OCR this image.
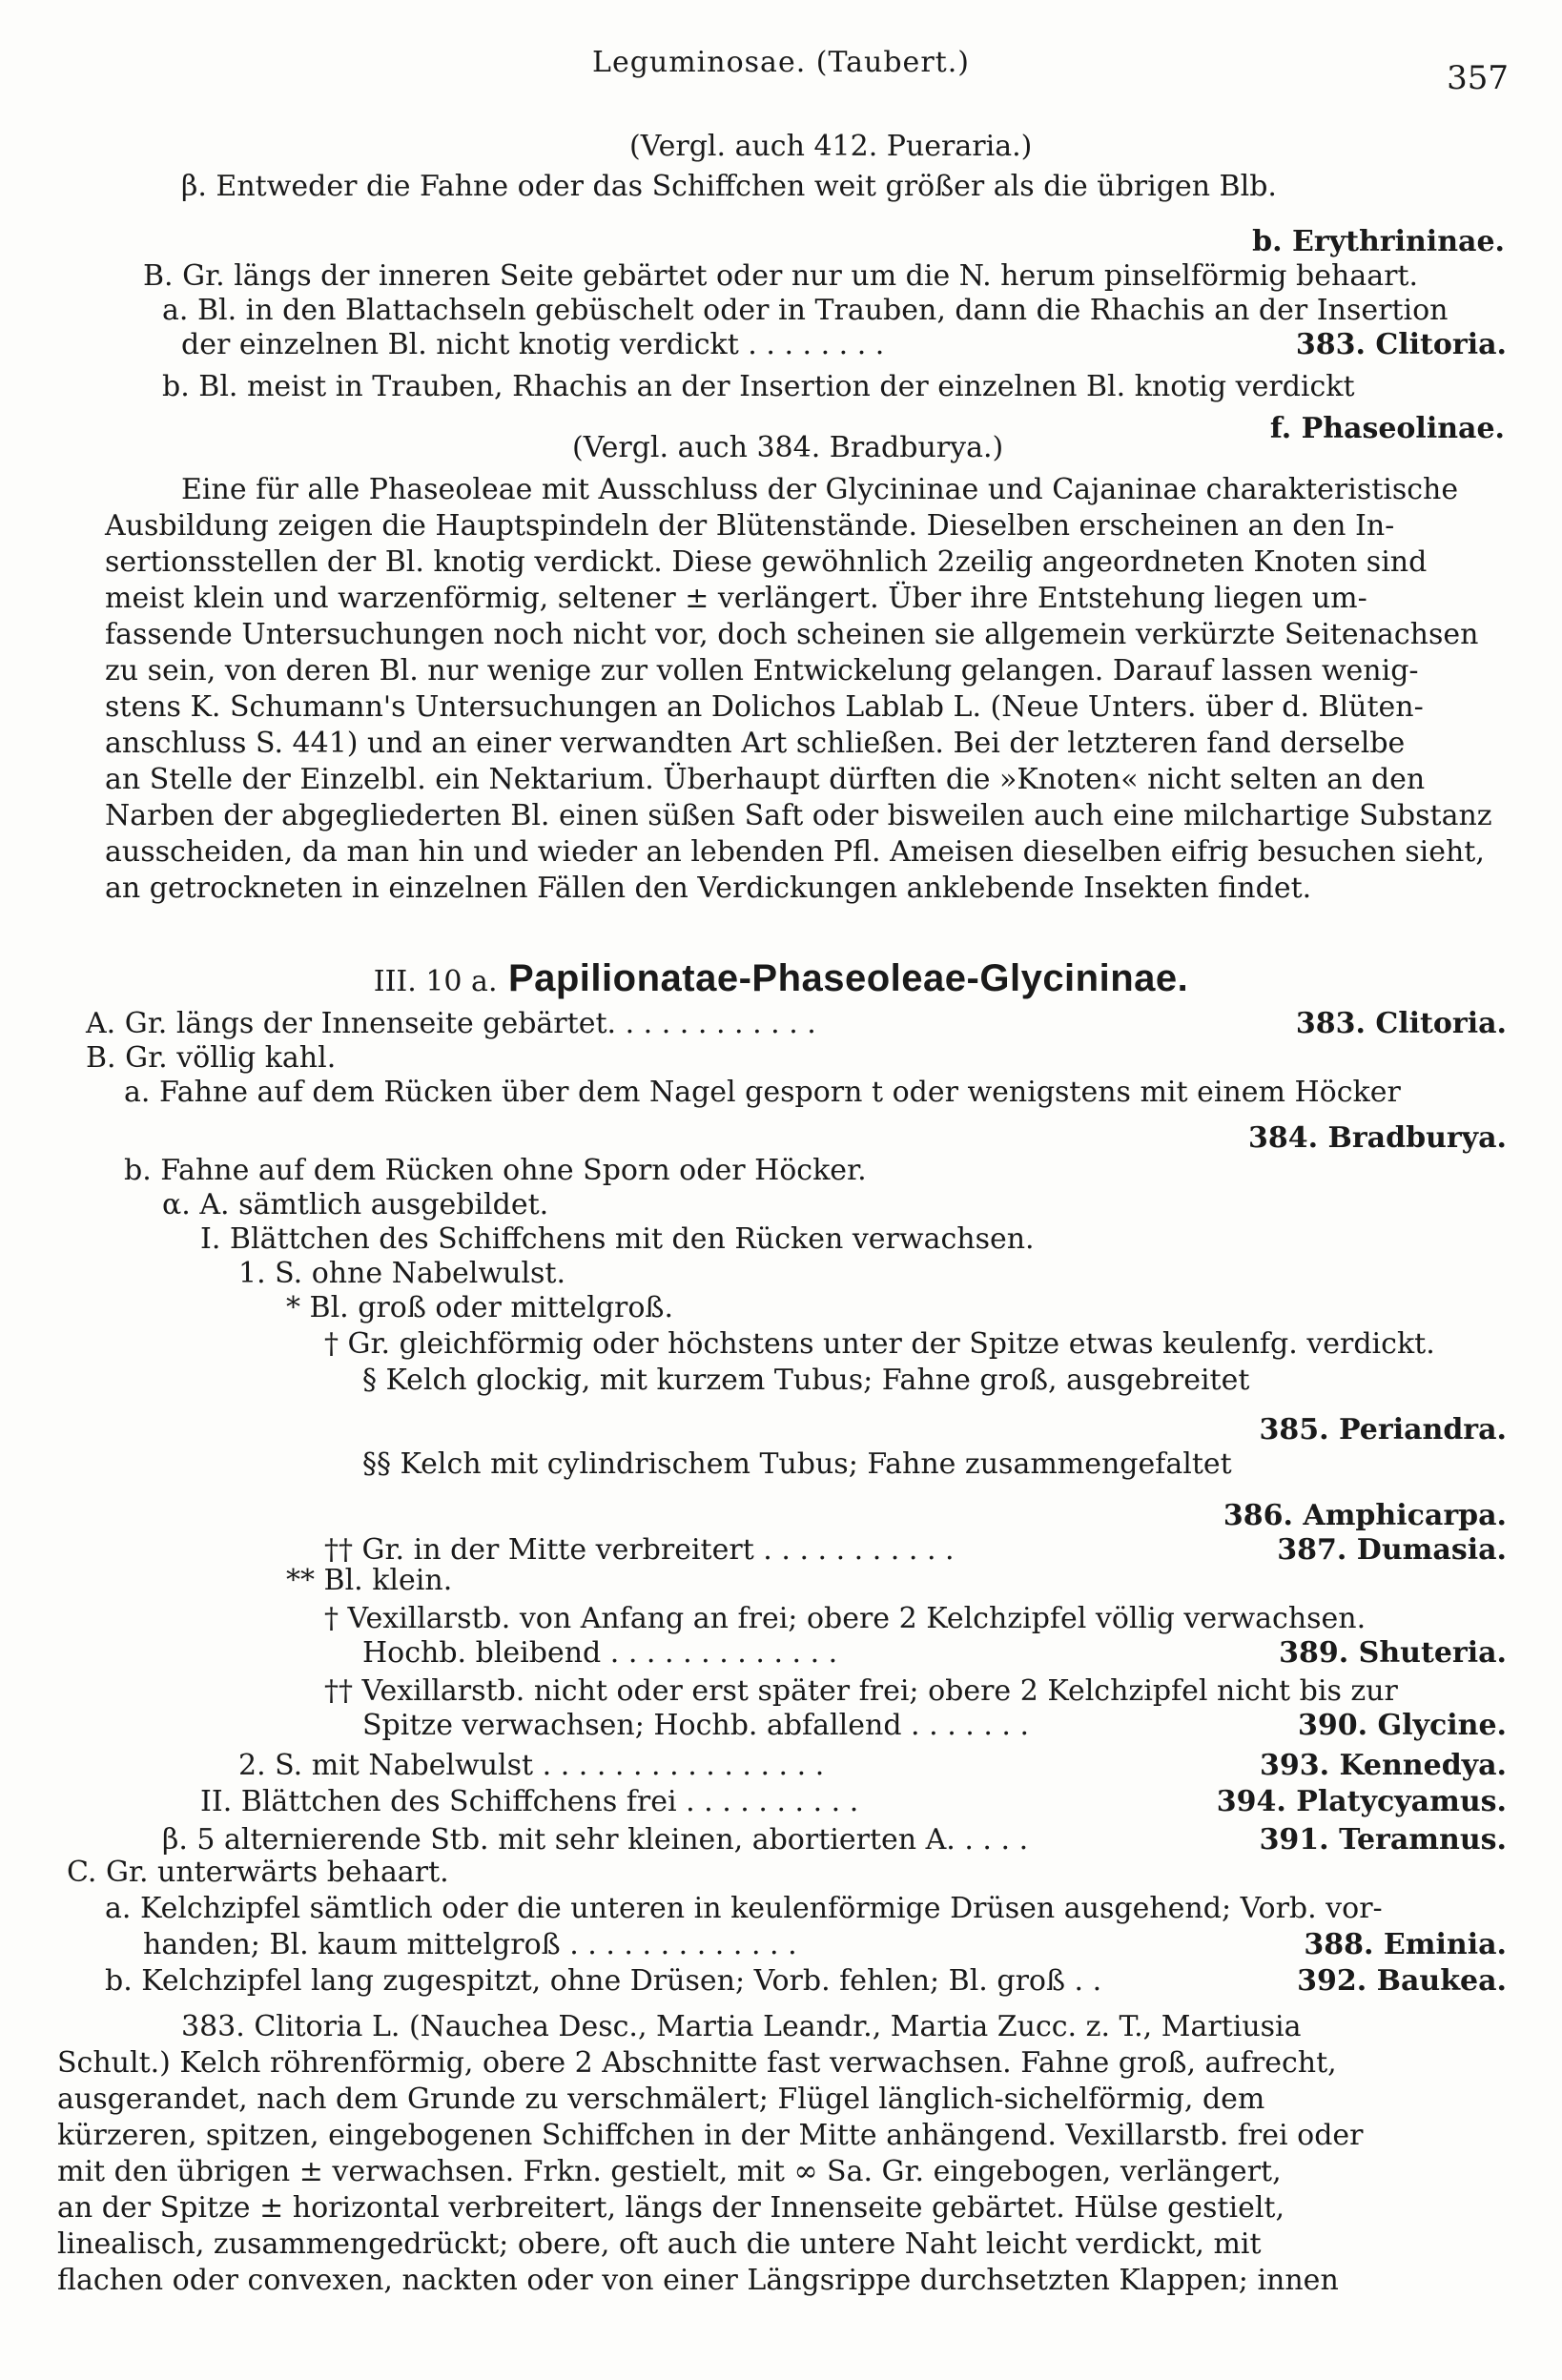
Leguminosae. (Taubert.)	357
(Vergl. auch 412. Pueraria.)
β. Entweder die Fahne oder das Schiffchen weit größer als die übrigen Blb.
b. Erythrininae.
B. Gr. längs der inneren Seite gebärtet oder nur um die N. herum pinselförmig behaart.
a. Bl. in den Blattachseln gebüschelt oder in Trauben, dann die Rhachis an der Insertion
der einzelnen Bl. nicht knotig verdickt . . . . . . . .	383. Clitoria.
b. Bl. meist in Trauben, Rhachis an der Insertion der einzelnen Bl. knotig verdickt
f. Phaseolinae.
(Vergl. auch 384. Bradburya.)
Eine für alle Phaseoleae mit Ausschluss der Glycininae und Cajaninae charakteristische
Ausbildung zeigen die Hauptspindeln der Blütenstände. Dieselben erscheinen an den In-
sertionsstellen der Bl. knotig verdickt. Diese gewöhnlich 2zeilig angeordneten Knoten sind
meist klein und warzenförmig, seltener ± verlängert. Über ihre Entstehung liegen um-
fassende Untersuchungen noch nicht vor, doch scheinen sie allgemein verkürzte Seitenachsen
zu sein, von deren Bl. nur wenige zur vollen Entwickelung gelangen. Darauf lassen wenig-
stens K. Schumann's Untersuchungen an Dolichos Lablab L. (Neue Unters. über d. Blüten-
anschluss S. 441) und an einer verwandten Art schließen. Bei der letzteren fand derselbe
an Stelle der Einzelbl. ein Nektarium. Überhaupt dürften die »Knoten« nicht selten an den
Narben der abgegliederten Bl. einen süßen Saft oder bisweilen auch eine milchartige Substanz
ausscheiden, da man hin und wieder an lebenden Pfl. Ameisen dieselben eifrig besuchen sieht,
an getrockneten in einzelnen Fällen den Verdickungen anklebende Insekten findet.
III. 10 a. Papilionatae-Phaseoleae-Glycininae.
A. Gr. längs der Innenseite gebärtet. . . . . . . . . . . .	383. Clitoria.
B. Gr. völlig kahl.
a. Fahne auf dem Rücken über dem Nagel gesporn t oder wenigstens mit einem Höcker
384. Bradburya.
b. Fahne auf dem Rücken ohne Sporn oder Höcker.
α. A. sämtlich ausgebildet.
I. Blättchen des Schiffchens mit den Rücken verwachsen.
1. S. ohne Nabelwulst.
* Bl. groß oder mittelgroß.
† Gr. gleichförmig oder höchstens unter der Spitze etwas keulenfg. verdickt.
§ Kelch glockig, mit kurzem Tubus; Fahne groß, ausgebreitet
385. Periandra.
§§ Kelch mit cylindrischem Tubus; Fahne zusammengefaltet
386. Amphicarpa.
†† Gr. in der Mitte verbreitert . . . . . . . . . . .	387. Dumasia.
** Bl. klein.
† Vexillarstb. von Anfang an frei; obere 2 Kelchzipfel völlig verwachsen.
Hochb. bleibend . . . . . . . . . . . . .	389. Shuteria.
†† Vexillarstb. nicht oder erst später frei; obere 2 Kelchzipfel nicht bis zur
Spitze verwachsen; Hochb. abfallend . . . . . . .	390. Glycine.
2. S. mit Nabelwulst . . . . . . . . . . . . . . . .	393. Kennedya.
II. Blättchen des Schiffchens frei . . . . . . . . . .	394. Platycyamus.
β. 5 alternierende Stb. mit sehr kleinen, abortierten A. . . . .	391. Teramnus.
C. Gr. unterwärts behaart.
a. Kelchzipfel sämtlich oder die unteren in keulenförmige Drüsen ausgehend; Vorb. vor-
handen; Bl. kaum mittelgroß . . . . . . . . . . . . .	388. Eminia.
b. Kelchzipfel lang zugespitzt, ohne Drüsen; Vorb. fehlen; Bl. groß . .	392. Baukea.
383. Clitoria L. (Nauchea Desc., Martia Leandr., Martia Zucc. z. T., Martiusia
Schult.) Kelch röhrenförmig, obere 2 Abschnitte fast verwachsen. Fahne groß, aufrecht,
ausgerandet, nach dem Grunde zu verschmälert; Flügel länglich-sichelförmig, dem
kürzeren, spitzen, eingebogenen Schiffchen in der Mitte anhängend. Vexillarstb. frei oder
mit den übrigen ± verwachsen. Frkn. gestielt, mit ∞ Sa. Gr. eingebogen, verlängert,
an der Spitze ± horizontal verbreitert, längs der Innenseite gebärtet. Hülse gestielt,
linealisch, zusammengedrückt; obere, oft auch die untere Naht leicht verdickt, mit
flachen oder convexen, nackten oder von einer Längsrippe durchsetzten Klappen; innen
